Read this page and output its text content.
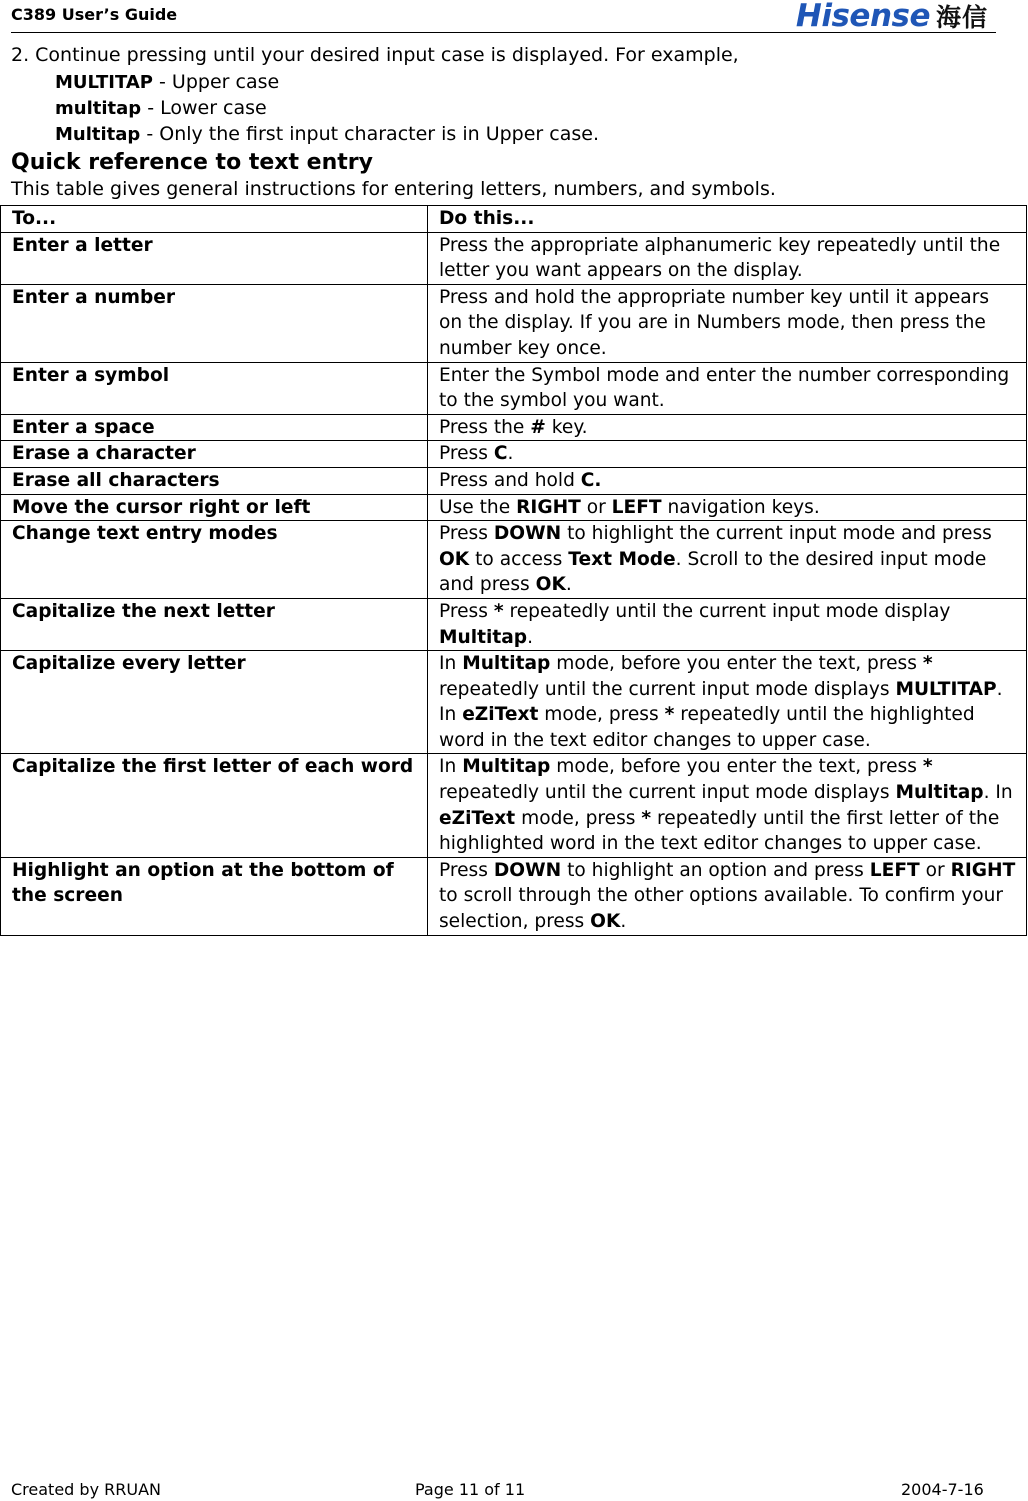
C389 User’s Guide	Hisense 海信
2. Continue pressing until your desired input case is displayed. For example,
MULTITAP - Upper case
multitap - Lower case
Multitap - Only the first input character is in Upper case.
Quick reference to text entry
This table gives general instructions for entering letters, numbers, and symbols.
To...	Do this...
Enter a letter	Press the appropriate alphanumeric key repeatedly until the letter you want appears on the display.
Enter a number	Press and hold the appropriate number key until it appears on the display. If you are in Numbers mode, then press the number key once.
Enter a symbol	Enter the Symbol mode and enter the number corresponding to the symbol you want.
Enter a space	Press the # key.
Erase a character	Press C.
Erase all characters	Press and hold C.
Move the cursor right or left	Use the RIGHT or LEFT navigation keys.
Change text entry modes	Press DOWN to highlight the current input mode and press OK to access Text Mode. Scroll to the desired input mode and press OK.
Capitalize the next letter	Press * repeatedly until the current input mode display Multitap.
Capitalize every letter	In Multitap mode, before you enter the text, press * repeatedly until the current input mode displays MULTITAP. In eZiText mode, press * repeatedly until the highlighted word in the text editor changes to upper case.
Capitalize the first letter of each word	In Multitap mode, before you enter the text, press * repeatedly until the current input mode displays Multitap. In eZiText mode, press * repeatedly until the first letter of the highlighted word in the text editor changes to upper case.
Highlight an option at the bottom of the screen	Press DOWN to highlight an option and press LEFT or RIGHT to scroll through the other options available. To confirm your selection, press OK.
Created by RRUAN	Page 11 of 11	2004-7-16
